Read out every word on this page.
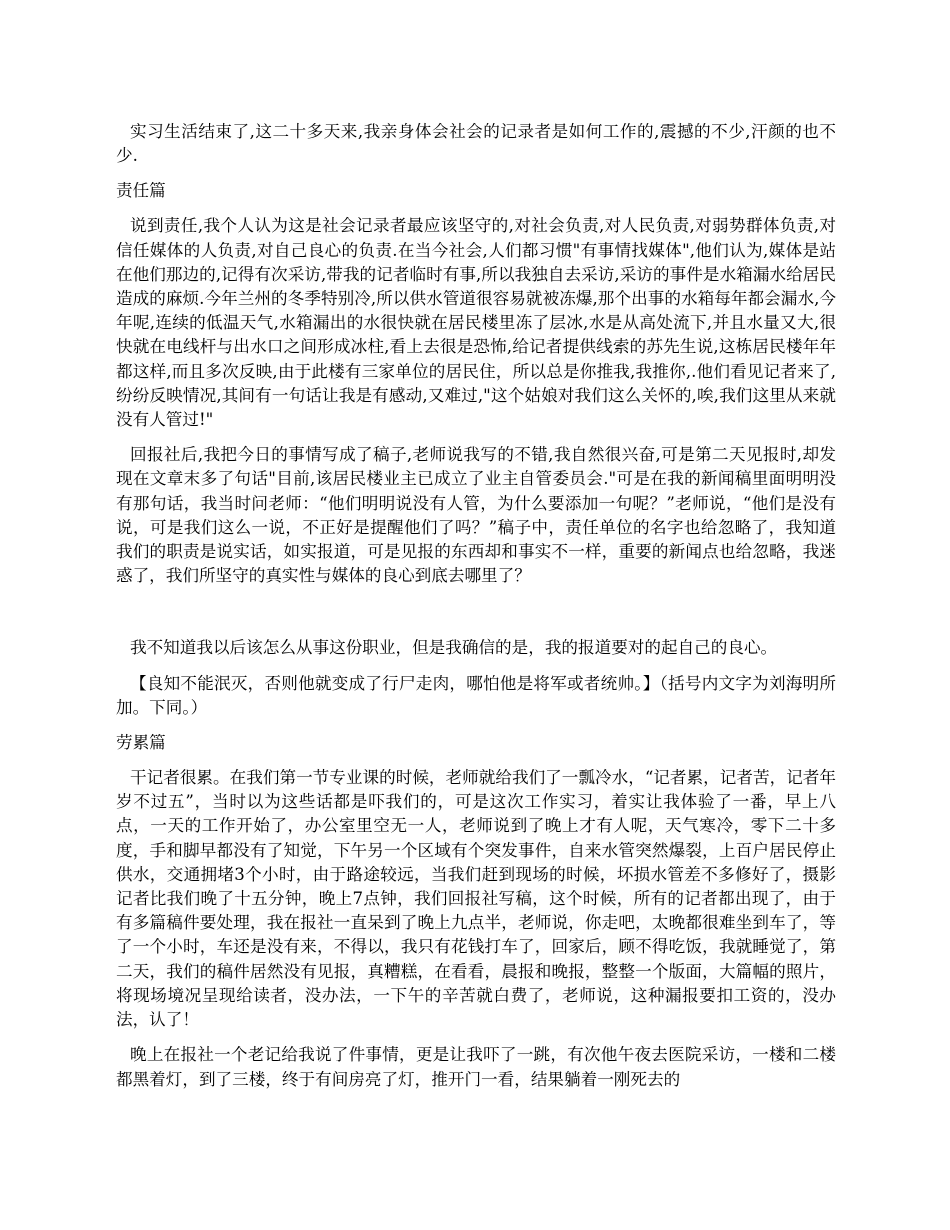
实习生活结束了,这二十多天来,我亲身体会社会的记录者是如何工作的,震撼的不少,汗颜的也不少.

责任篇

说到责任,我个人认为这是社会记录者最应该坚守的,对社会负责,对人民负责,对弱势群体负责,对信任媒体的人负责,对自己良心的负责.在当今社会,人们都习惯"有事情找媒体",他们认为,媒体是站在他们那边的,记得有次采访,带我的记者临时有事,所以我独自去采访,采访的事件是水箱漏水给居民造成的麻烦.今年兰州的冬季特别冷,所以供水管道很容易就被冻爆,那个出事的水箱每年都会漏水,今年呢,连续的低温天气,水箱漏出的水很快就在居民楼里冻了层冰,水是从高处流下,并且水量又大,很快就在电线杆与出水口之间形成冰柱,看上去很是恐怖,给记者提供线索的苏先生说,这栋居民楼年年都这样,而且多次反映,由于此楼有三家单位的居民住，所以总是你推我,我推你,.他们看见记者来了,纷纷反映情况,其间有一句话让我是有感动,又难过,"这个姑娘对我们这么关怀的,唉,我们这里从来就没有人管过!"

回报社后,我把今日的事情写成了稿子,老师说我写的不错,我自然很兴奋,可是第二天见报时,却发现在文章末多了句话"目前,该居民楼业主已成立了业主自管委员会."可是在我的新闻稿里面明明没有那句话，我当时问老师：“他们明明说没有人管，为什么要添加一句呢？”老师说，“他们是没有说，可是我们这么一说，不正好是提醒他们了吗？”稿子中，责任单位的名字也给忽略了，我知道我们的职责是说实话，如实报道，可是见报的东西却和事实不一样，重要的新闻点也给忽略，我迷惑了，我们所坚守的真实性与媒体的良心到底去哪里了？

我不知道我以后该怎么从事这份职业，但是我确信的是，我的报道要对的起自己的良心。

【良知不能泯灭，否则他就变成了行尸走肉，哪怕他是将军或者统帅。】（括号内文字为刘海明所加。下同。）

劳累篇

干记者很累。在我们第一节专业课的时候，老师就给我们了一瓢冷水，“记者累，记者苦，记者年岁不过五”，当时以为这些话都是吓我们的，可是这次工作实习，着实让我体验了一番，早上八点，一天的工作开始了，办公室里空无一人，老师说到了晚上才有人呢，天气寒冷，零下二十多度，手和脚早都没有了知觉，下午另一个区域有个突发事件，自来水管突然爆裂，上百户居民停止供水，交通拥堵3个小时，由于路途较远，当我们赶到现场的时候，坏损水管差不多修好了，摄影记者比我们晚了十五分钟，晚上7点钟，我们回报社写稿，这个时候，所有的记者都出现了，由于有多篇稿件要处理，我在报社一直呆到了晚上九点半，老师说，你走吧，太晚都很难坐到车了，等了一个小时，车还是没有来，不得以，我只有花钱打车了，回家后，顾不得吃饭，我就睡觉了，第二天，我们的稿件居然没有见报，真糟糕，在看看，晨报和晚报，整整一个版面，大篇幅的照片，将现场境况呈现给读者，没办法，一下午的辛苦就白费了，老师说，这种漏报要扣工资的，没办法，认了！

晚上在报社一个老记给我说了件事情，更是让我吓了一跳，有次他午夜去医院采访，一楼和二楼都黑着灯，到了三楼，终于有间房亮了灯，推开门一看，结果躺着一刚死去的
